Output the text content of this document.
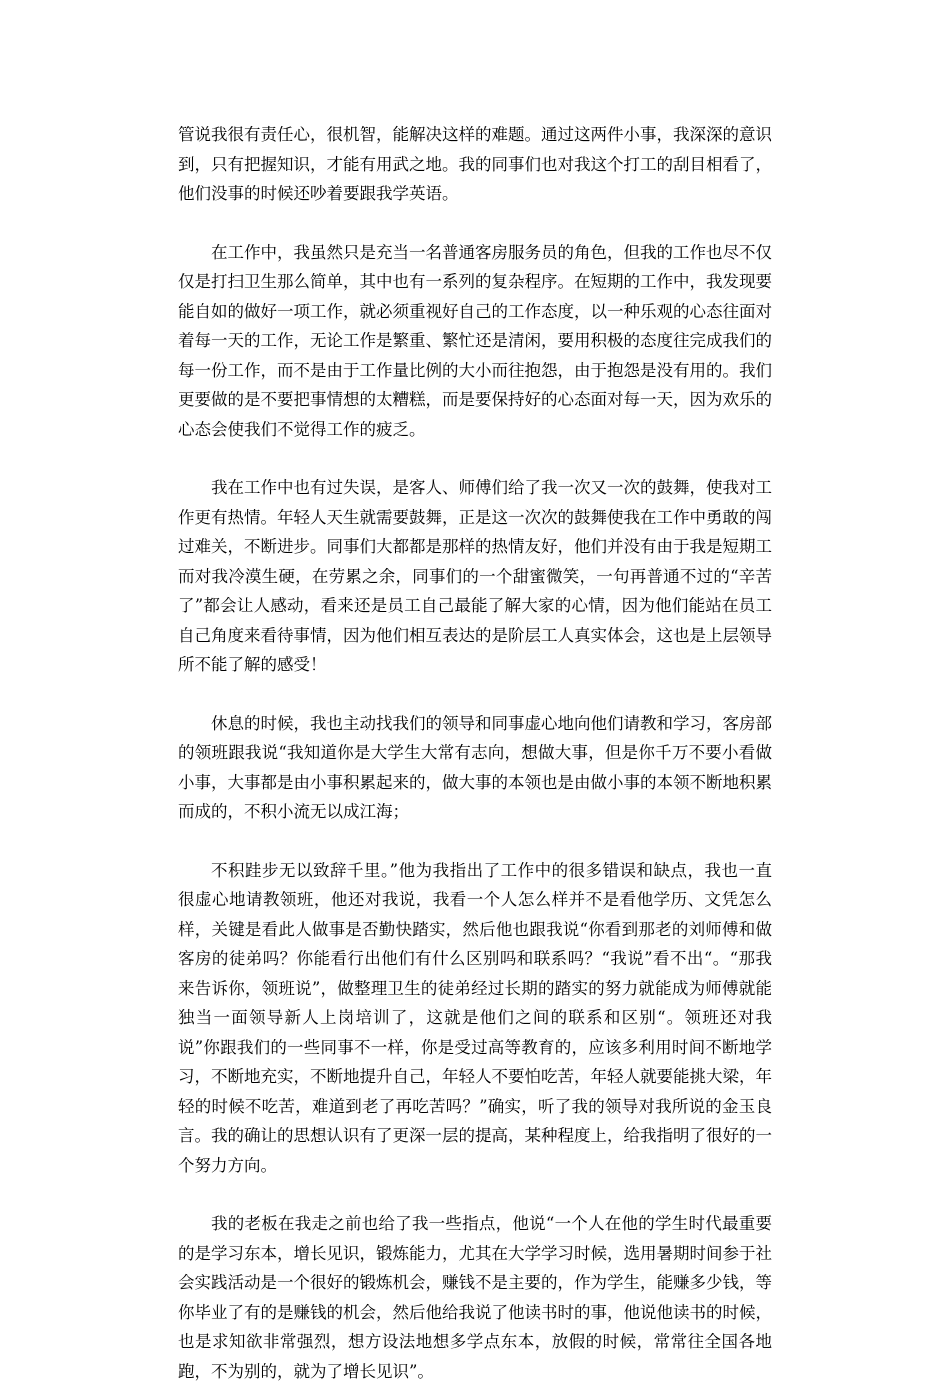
管说我很有责任心，很机智，能解决这样的难题。通过这两件小事，我深深的意识到，只有把握知识，才能有用武之地。我的同事们也对我这个打工的刮目相看了，他们没事的时候还吵着要跟我学英语。

在工作中，我虽然只是充当一名普通客房服务员的角色，但我的工作也尽不仅仅是打扫卫生那么简单，其中也有一系列的复杂程序。在短期的工作中，我发现要能自如的做好一项工作，就必须重视好自己的工作态度，以一种乐观的心态往面对着每一天的工作，无论工作是繁重、繁忙还是清闲，要用积极的态度往完成我们的每一份工作，而不是由于工作量比例的大小而往抱怨，由于抱怨是没有用的。我们更要做的是不要把事情想的太糟糕，而是要保持好的心态面对每一天，因为欢乐的心态会使我们不觉得工作的疲乏。

我在工作中也有过失误，是客人、师傅们给了我一次又一次的鼓舞，使我对工作更有热情。年轻人天生就需要鼓舞，正是这一次次的鼓舞使我在工作中勇敢的闯过难关，不断进步。同事们大都都是那样的热情友好，他们并没有由于我是短期工而对我冷漠生硬，在劳累之余，同事们的一个甜蜜微笑，一句再普通不过的“辛苦了”都会让人感动，看来还是员工自己最能了解大家的心情，因为他们能站在员工自己角度来看待事情，因为他们相互表达的是阶层工人真实体会，这也是上层领导所不能了解的感受！

休息的时候，我也主动找我们的领导和同事虚心地向他们请教和学习，客房部的领班跟我说“我知道你是大学生大常有志向，想做大事，但是你千万不要小看做小事，大事都是由小事积累起来的，做大事的本领也是由做小事的本领不断地积累而成的，不积小流无以成江海；

不积跬步无以致辞千里。”他为我指出了工作中的很多错误和缺点，我也一直很虚心地请教领班，他还对我说，我看一个人怎么样并不是看他学历、文凭怎么样，关键是看此人做事是否勤快踏实，然后他也跟我说“你看到那老的刘师傅和做客房的徒弟吗？你能看行出他们有什么区别吗和联系吗？“我说”看不出“。“那我来告诉你，领班说”，做整理卫生的徒弟经过长期的踏实的努力就能成为师傅就能独当一面领导新人上岗培训了，这就是他们之间的联系和区别“。领班还对我说”你跟我们的一些同事不一样，你是受过高等教育的，应该多利用时间不断地学习，不断地充实，不断地提升自己，年轻人不要怕吃苦，年轻人就要能挑大梁，年轻的时候不吃苦，难道到老了再吃苦吗？”确实，听了我的领导对我所说的金玉良言。我的确让的思想认识有了更深一层的提高，某种程度上，给我指明了很好的一个努力方向。

我的老板在我走之前也给了我一些指点，他说“一个人在他的学生时代最重要的是学习东本，增长见识，锻炼能力，尤其在大学学习时候，选用暑期时间参于社会实践活动是一个很好的锻炼机会，赚钱不是主要的，作为学生，能赚多少钱，等你毕业了有的是赚钱的机会，然后他给我说了他读书时的事，他说他读书的时候，也是求知欲非常强烈，想方设法地想多学点东本，放假的时候，常常往全国各地跑，不为别的，就为了增长见识”。
